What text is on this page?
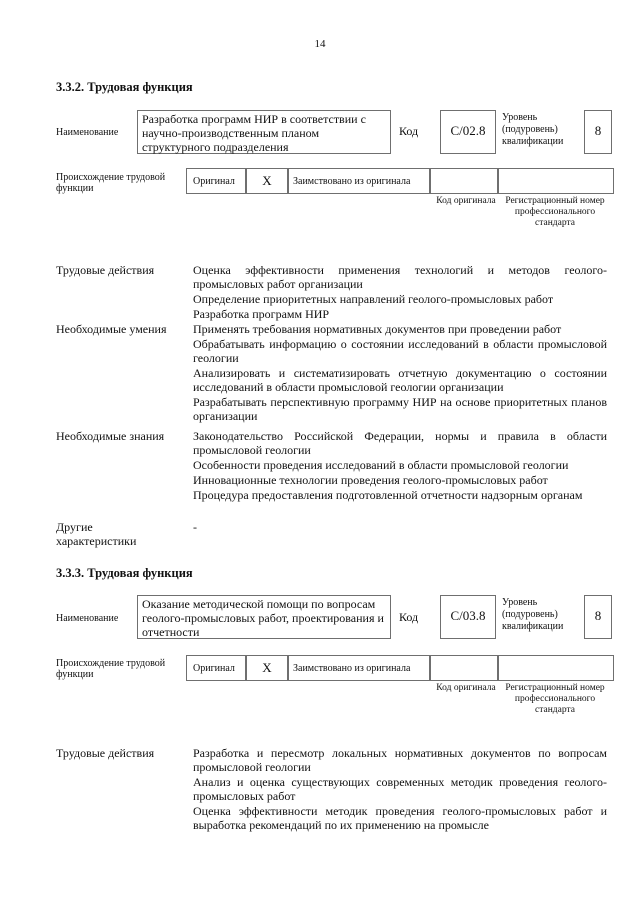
14
3.3.2. Трудовая функция
Наименование
Разработка программ НИР в соответствии с научно-производственным планом структурного подразделения
Код	С/02.8
Уровень (подуровень) квалификации
8
Происхождение трудовой функции
Оригинал	X	Заимствовано из оригинала
Код оригинала	Регистрационный номер профессионального стандарта
Трудовые действия	Оценка эффективности применения технологий и методов геолого-промысловых работ организации
Определение приоритетных направлений геолого-промысловых работ
Разработка программ НИР
Необходимые умения Применять требования нормативных документов при проведении работ
Обрабатывать информацию о состоянии исследований в области промысловой геологии
Анализировать и систематизировать отчетную документацию о состоянии исследований в области промысловой геологии организации
Разрабатывать перспективную программу НИР на основе приоритетных планов организации
Необходимые знания Законодательство Российской Федерации, нормы и правила в области промысловой геологии
Особенности проведения исследований в области промысловой геологии
Инновационные технологии проведения геолого-промысловых работ
Процедура предоставления подготовленной отчетности надзорным органам
Другие характеристики
-
3.3.3. Трудовая функция
Наименование
Оказание методической помощи по вопросам геолого-промысловых работ, проектирования и отчетности
Код	С/03.8
Уровень (подуровень) квалификации
8
Происхождение трудовой функции
Оригинал	X	Заимствовано из оригинала
Код оригинала	Регистрационный номер профессионального стандарта
Трудовые действия	Разработка и пересмотр локальных нормативных документов по вопросам промысловой геологии
Анализ и оценка существующих современных методик проведения геолого-промысловых работ
Оценка эффективности методик проведения геолого-промысловых работ и выработка рекомендаций по их применению на промысле
